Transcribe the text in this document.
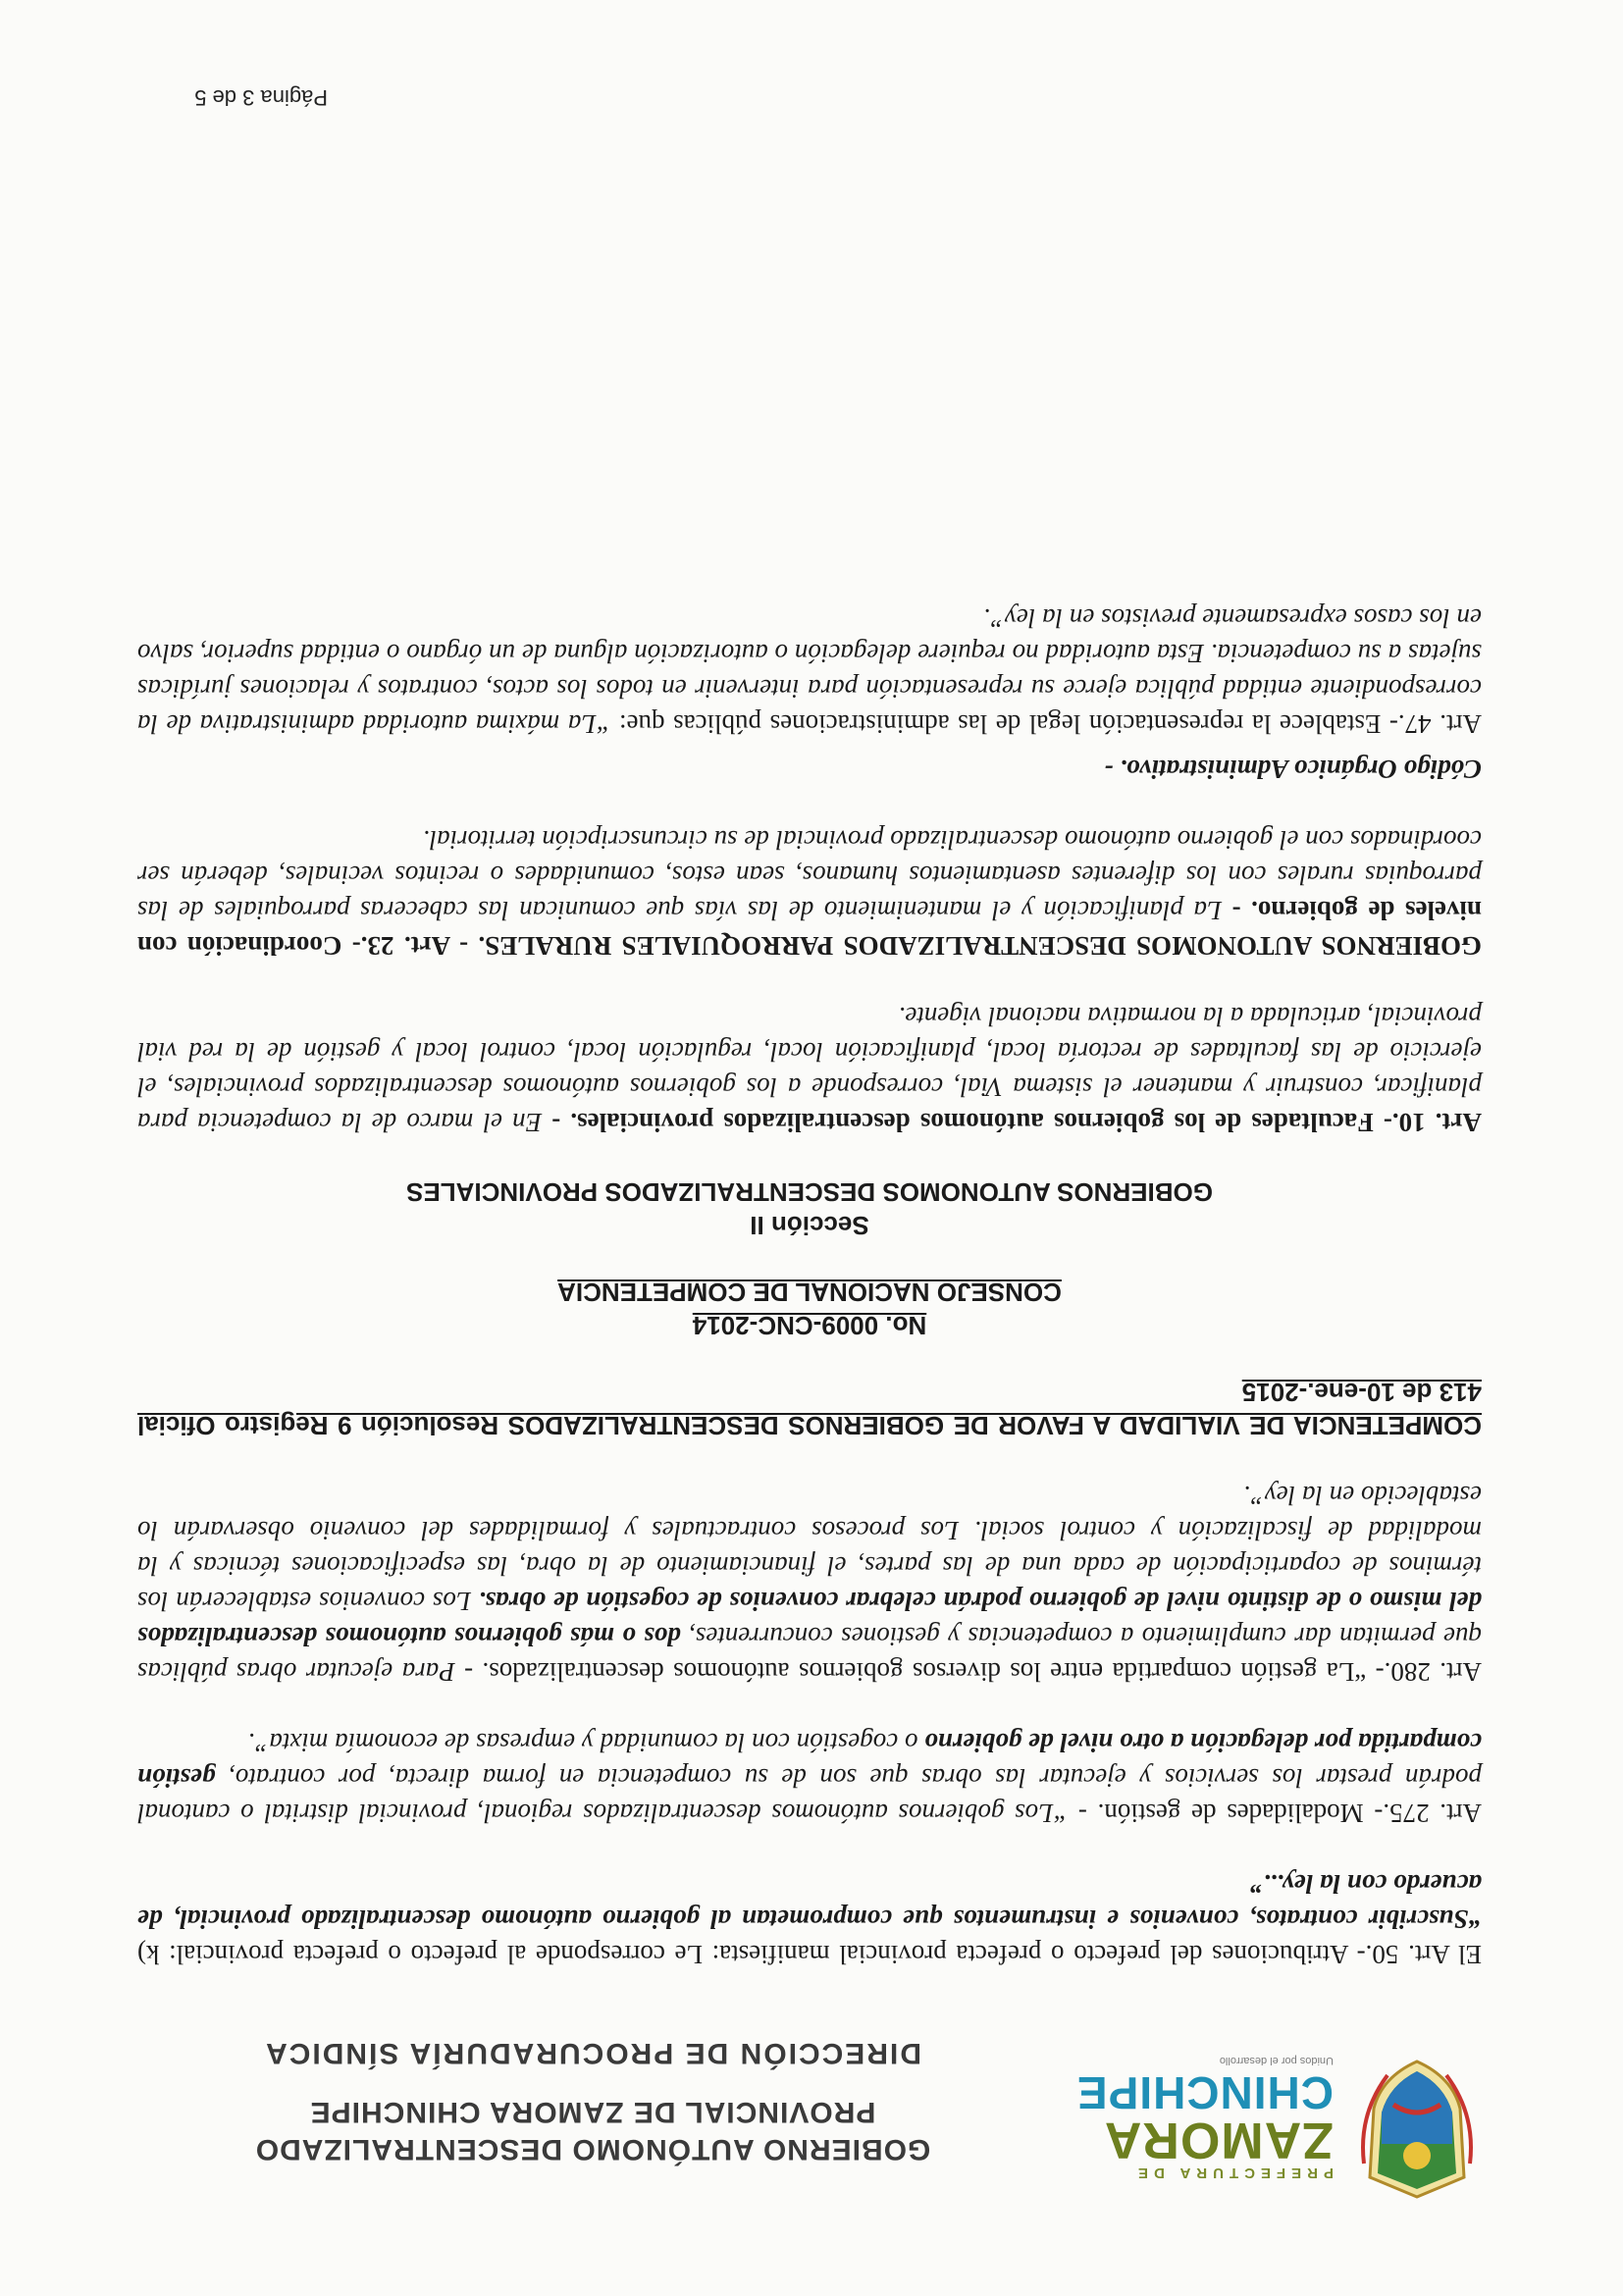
PREFECTURA DE
ZAMORA
CHINCHIPE
Unidos por el desarrollo
GOBIERNO AUTÓNOMO DESCENTRALIZADO
PROVINCIAL DE ZAMORA CHINCHIPE
DIRECCIÓN DE PROCURADURÍA SÍNDICA

El Art. 50.- Atribuciones del prefecto o prefecta provincial manifiesta: Le corresponde al prefecto o prefecta provincial: k) “Suscribir contratos, convenios e instrumentos que comprometan al gobierno autónomo descentralizado provincial, de acuerdo con la ley...”

Art. 275.- Modalidades de gestión. - “Los gobiernos autónomos descentralizados regional, provincial distrital o cantonal podrán prestar los servicios y ejecutar las obras que son de su competencia en forma directa, por contrato, gestión compartida por delegación a otro nivel de gobierno o cogestión con la comunidad y empresas de economía mixta”.

Art. 280.- “La gestión compartida entre los diversos gobiernos autónomos descentralizados. - Para ejecutar obras públicas que permitan dar cumplimiento a competencias y gestiones concurrentes, dos o más gobiernos autónomos descentralizados del mismo o de distinto nivel de gobierno podrán celebrar convenios de cogestión de obras. Los convenios establecerán los términos de coparticipación de cada una de las partes, el financiamiento de la obra, las especificaciones técnicas y la modalidad de fiscalización y control social. Los procesos contractuales y formalidades del convenio observarán lo establecido en la ley”.

COMPETENCIA DE VIALIDAD A FAVOR DE GOBIERNOS DESCENTRALIZADOS Resolución 9 Registro Oficial 413 de 10-ene.-2015
No. 0009-CNC-2014
CONSEJO NACIONAL DE COMPETENCIA
Sección II
GOBIERNOS AUTONOMOS DESCENTRALIZADOS PROVINCIALES

Art. 10.- Facultades de los gobiernos autónomos descentralizados provinciales. - En el marco de la competencia para planificar, construir y mantener el sistema Vial, corresponde a los gobiernos autónomos descentralizados provinciales, el ejercicio de las facultades de rectoría local, planificación local, regulación local, control local y gestión de la red vial provincial, articulada a la normativa nacional vigente.

GOBIERNOS AUTONOMOS DESCENTRALIZADOS PARROQUIALES RURALES. - Art. 23.- Coordinación con niveles de gobierno. - La planificación y el mantenimiento de las vías que comunican las cabeceras parroquiales de las parroquias rurales con los diferentes asentamientos humanos, sean estos, comunidades o recintos vecinales, deberán ser coordinados con el gobierno autónomo descentralizado provincial de su circunscripción territorial.

Código Orgánico Administrativo. -

Art. 47.- Establece la representación legal de las administraciones públicas que: “La máxima autoridad administrativa de la correspondiente entidad pública ejerce su representación para intervenir en todos los actos, contratos y relaciones jurídicas sujetas a su competencia. Esta autoridad no requiere delegación o autorización alguna de un órgano o entidad superior, salvo en los casos expresamente previstos en la ley”.

Página 3 de 5
